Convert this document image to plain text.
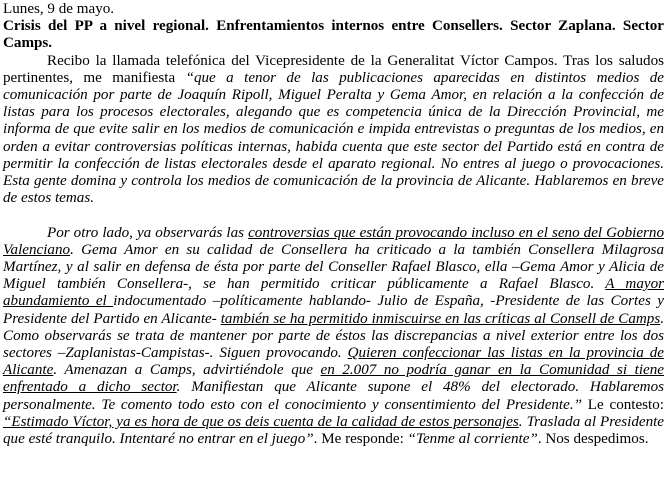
Lunes, 9 de mayo.

Crisis del PP a nivel regional. Enfrentamientos internos entre Consellers. Sector Zaplana. Sector Camps.

Recibo la llamada telefónica del Vicepresidente de la Generalitat Víctor Campos. Tras los saludos pertinentes, me manifiesta “que a tenor de las publicaciones aparecidas en distintos medios de comunicación por parte de Joaquín Ripoll, Miguel Peralta y Gema Amor, en relación a la confección de listas para los procesos electorales, alegando que es competencia única de la Dirección Provincial, me informa de que evite salir en los medios de comunicación e impida entrevistas o preguntas de los medios, en orden a evitar controversias políticas internas, habida cuenta que este sector del Partido está en contra de permitir la confección de listas electorales desde el aparato regional. No entres al juego o provocaciones. Esta gente domina y controla los medios de comunicación de la provincia de Alicante. Hablaremos en breve de estos temas.

Por otro lado, ya observarás las controversias que están provocando incluso en el seno del Gobierno Valenciano. Gema Amor en su calidad de Consellera ha criticado a la también Consellera Milagrosa Martínez, y al salir en defensa de ésta por parte del Conseller Rafael Blasco, ella –Gema Amor y Alicia de Miguel también Consellera-, se han permitido criticar públicamente a Rafael Blasco. A mayor abundamiento el indocumentado –políticamente hablando- Julio de España, -Presidente de las Cortes y Presidente del Partido en Alicante- también se ha permitido inmiscuirse en las críticas al Consell de Camps. Como observarás se trata de mantener por parte de éstos las discrepancias a nivel exterior entre los dos sectores –Zaplanistas-Campistas-. Siguen provocando. Quieren confeccionar las listas en la provincia de Alicante. Amenazan a Camps, advirtiéndole que en 2.007 no podría ganar en la Comunidad si tiene enfrentado a dicho sector. Manifiestan que Alicante supone el 48% del electorado. Hablaremos personalmente. Te comento todo esto con el conocimiento y consentimiento del Presidente.” Le contesto: “Estimado Víctor, ya es hora de que os deis cuenta de la calidad de estos personajes. Traslada al Presidente que esté tranquilo. Intentaré no entrar en el juego”. Me responde: “Tenme al corriente”. Nos despedimos.
